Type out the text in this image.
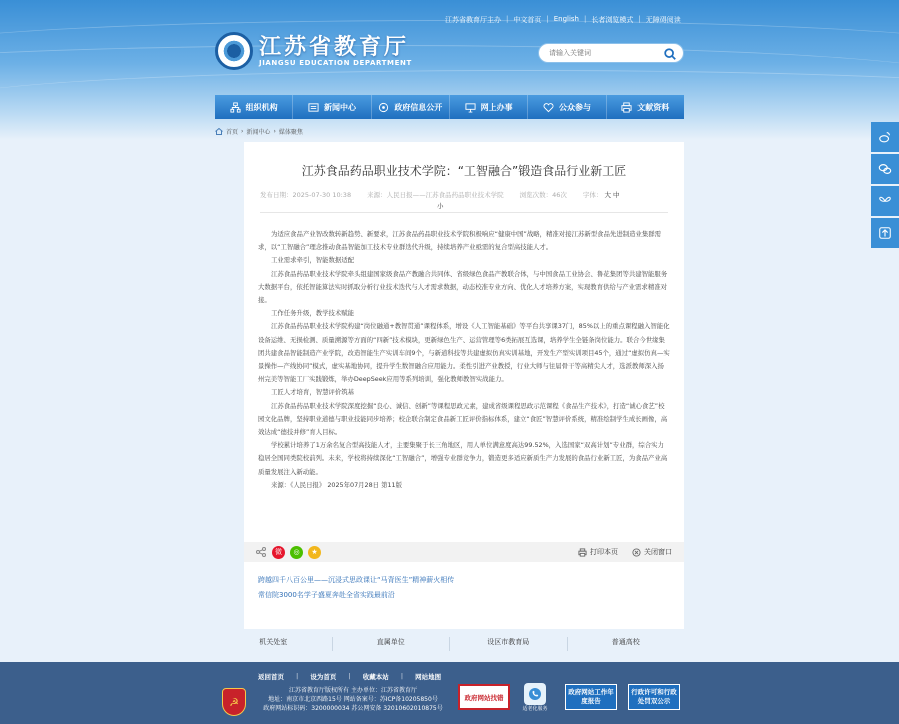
江苏省教育厅主办 | 中文首页 | English | 长者浏览模式 | 无障碍阅读
江苏省教育厅
JIANGSU EDUCATION DEPARTMENT
请输入关键词
组织机构	新闻中心	政府信息公开	网上办事	公众参与	文献资料
首页 › 新闻中心 › 媒体聚焦
江苏食品药品职业技术学院：“工智融合”锻造食品行业新工匠
发布日期：2025-07-30 10:38 来源：人民日报——江苏食品药品职业技术学院 浏览次数：46次 字体： 大 中
小

为适应食品产业智改数转新趋势、新要求，江苏食品药品职业技术学院积极响应“健康中国”战略，精准对接江苏新型食品先进制造业集群需求，以“工智融合”理念推动食品智能加工技术专业群迭代升级，持续培养产业亟需的复合型高技能人才。

工业需求牵引，智能数据适配

江苏食品药品职业技术学院牵头组建国家级食品产教融合共同体、省级绿色食品产教联合体，与中国食品工业协会、鲁花集团等共建智能服务大数据平台，依托智能算法实时抓取分析行业技术迭代与人才需求数据，动态校准专业方向、优化人才培养方案，实现教育供给与产业需求精准对接。

工作任务升级，教学技术赋能

江苏食品药品职业技术学院构建“岗位融通+教智贯通”课程体系，增设《人工智能基础》等平台共享课37门，85%以上的重点课程融入智能化设备运维、无损检测、质量溯源等方面的“四新”技术模块，更新绿色生产、运营管理等6类拓展互选课，培养学生全链条岗位能力。联合今世缘集团共建食品智能制造产业学院，改造智能生产实训车间9个，与新道科技等共建虚拟仿真实训基地，开发生产型实训项目45个，通过“虚拟仿真—实景操作—产线协同”模式，虚实基地协同，提升学生数智融合应用能力。柔性引进产业教授，行业大师与往届骨干等高精尖人才，选派教师深入扬州完美等智能工厂实践锻炼，举办DeepSeek应用等系列培训，强化教师教智实战能力。

工匠人才培育，智慧评价筑基

江苏食品药品职业技术学院深度挖掘“良心、诚信、创新”等课程思政元素，建成省级课程思政示范课程《食品生产技术》，打造“诚心食艺”校园文化品牌，坚持职业道德与职业技能同步培养；校企联合制定食品新工匠评价指标体系，建立“食匠”智慧评价系统，精准绘制学生成长画像，高效达成“德技并修”育人目标。

学校累计培养了1万余名复合型高技能人才，主要集聚于长三角地区，用人单位满意度高达99.52%，入选国家“双高计划”专业群，综合实力稳居全国同类院校前列。未来，学校将持续深化“工智融合”，增强专业群竞争力，锻造更多适应新质生产力发展的食品行业新工匠，为食品产业高质量发展注入新动能。

来源：《人民日报》 2025年07月28日 第11版

微	◎	★	打印本页	关闭窗口
跨越四千八百公里——沉浸式思政课让“马背医生”精神薪火相传
常信院3000名学子盛夏奔赴全省实践最前沿
机关处室	直属单位	设区市教育局	普通高校
☭
返回首页 | 设为首页 | 收藏本站 | 网站地图
江苏省教育厅版权所有 主办单位：江苏省教育厅
地址：南京市北京西路15号 网站备案号：苏ICP备10205850号
政府网站标识码：3200000034 苏公网安备 32010602010875号
政府网站找错
适老化服务
政府网站工作年度报告
行政许可和行政处罚双公示
